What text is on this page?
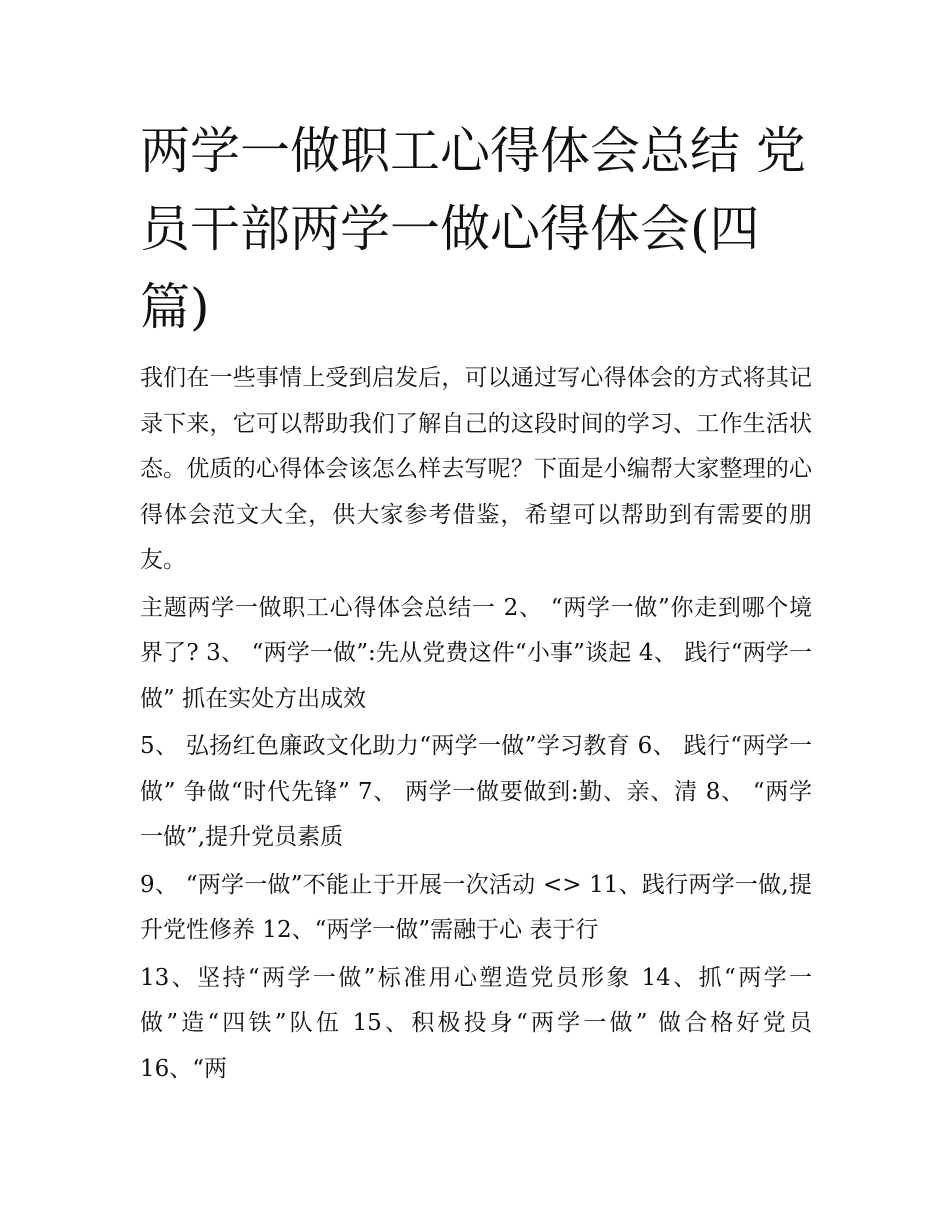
两学一做职工心得体会总结 党员干部两学一做心得体会(四篇)

我们在一些事情上受到启发后，可以通过写心得体会的方式将其记录下来，它可以帮助我们了解自己的这段时间的学习、工作生活状态。优质的心得体会该怎么样去写呢？下面是小编帮大家整理的心得体会范文大全，供大家参考借鉴，希望可以帮助到有需要的朋友。

主题两学一做职工心得体会总结一 2、 “两学一做”你走到哪个境界了? 3、 “两学一做”:先从党费这件“小事”谈起 4、 践行“两学一做” 抓在实处方出成效

5、 弘扬红色廉政文化助力“两学一做”学习教育 6、 践行“两学一做” 争做“时代先锋” 7、 两学一做要做到:勤、亲、清 8、 “两学一做”,提升党员素质

9、 “两学一做”不能止于开展一次活动 <> 11、践行两学一做,提升党性修养 12、“两学一做”需融于心 表于行

13、坚持“两学一做”标准用心塑造党员形象 14、抓“两学一做”造“四铁”队伍 15、积极投身“两学一做” 做合格好党员 16、“两
